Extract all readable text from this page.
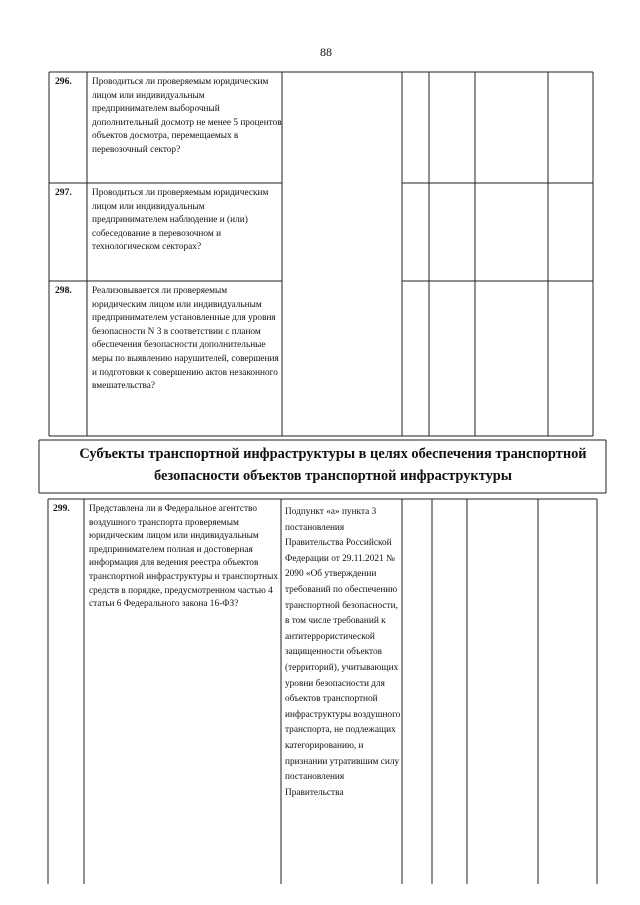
88
296. Проводиться ли проверяемым юридическим лицом или индивидуальным предпринимателем выборочный дополнительный досмотр не менее 5 процентов объектов досмотра, перемещаемых в перевозочный сектор?
297. Проводиться ли проверяемым юридическим лицом или индивидуальным предпринимателем наблюдение и (или) собеседование в перевозочном и технологическом секторах?
298. Реализовывается ли проверяемым юридическим лицом или индивидуальным предпринимателем установленные для уровня безопасности N 3 в соответствии с планом обеспечения безопасности дополнительные меры по выявлению нарушителей, совершения и подготовки к совершению актов незаконного вмешательства?
Субъекты транспортной инфраструктуры в целях обеспечения транспортной безопасности объектов транспортной инфраструктуры
299. Представлена ли в Федеральное агентство воздушного транспорта проверяемым юридическим лицом или индивидуальным предпринимателем полная и достоверная информация для ведения реестра объектов транспортной инфраструктуры и транспортных средств в порядке, предусмотренном частью 4 статьи 6 Федерального закона 16-ФЗ?
Подпункт «а» пункта 3 постановления Правительства Российской Федерации от 29.11.2021 № 2090 «Об утверждении требований по обеспечению транспортной безопасности, в том числе требований к антитеррористической защищенности объектов (территорий), учитывающих уровни безопасности для объектов транспортной инфраструктуры воздушного транспорта, не подлежащих категорированию, и признании утратившим силу постановления Правительства
